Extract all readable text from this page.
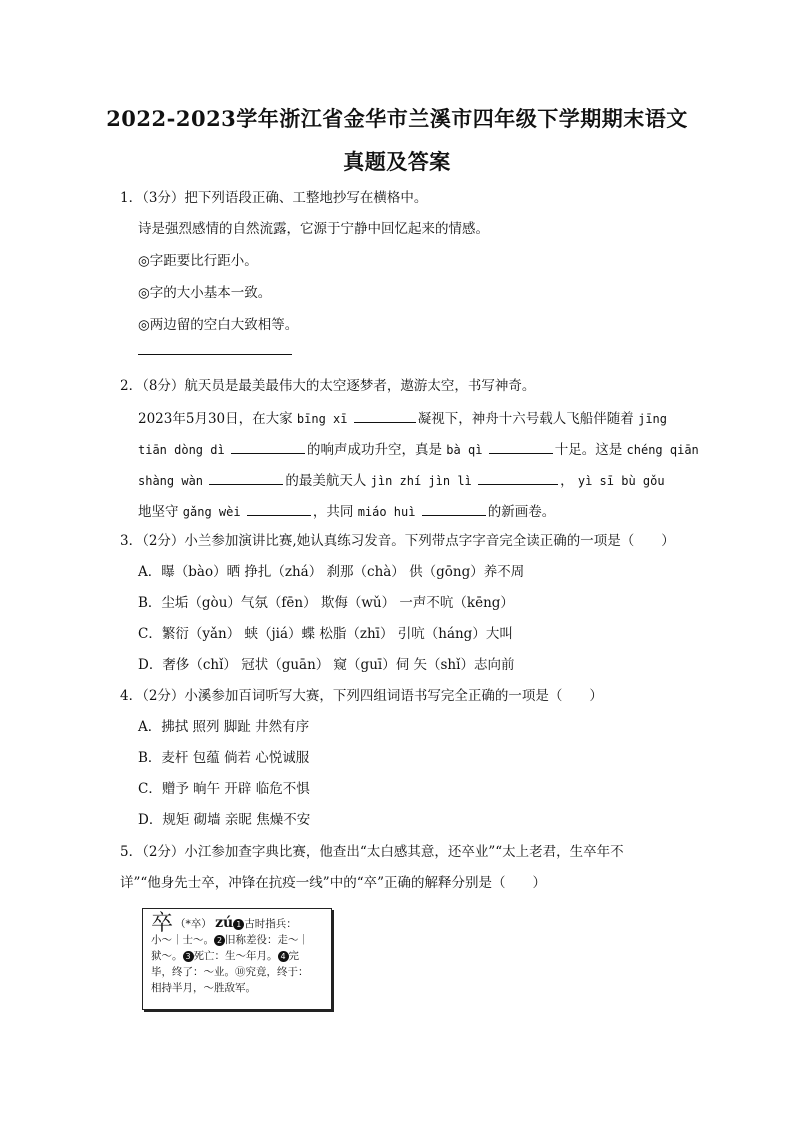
2022-2023学年浙江省金华市兰溪市四年级下学期期末语文
真题及答案
1．（3分）把下列语段正确、工整地抄写在横格中。
诗是强烈感情的自然流露，它源于宁静中回忆起来的情感。
◎字距要比行距小。
◎字的大小基本一致。
◎两边留的空白大致相等。
2．（8分）航天员是最美最伟大的太空逐梦者，遨游太空，书写神奇。
2023年5月30日，在大家 bīng xī	凝视下，神舟十六号载人飞船伴随着 jīng
tiān dòng dì	的响声成功升空，真是 bà qì	十足。这是 chéng qiān
shàng wàn	的最美航天人 jìn zhí jìn lì	， yì sī bù gǒu
地坚守 gǎng wèi	，共同 miáo huì	的新画卷。
3．（2分）小兰参加演讲比赛,她认真练习发音。下列带点字字音完全读正确的一项是（　　）
A．曝（bào）晒 挣扎（zhá） 刹那（chà） 供（gōng）养不周
B．尘垢（gòu）气氛（fēn） 欺侮（wǔ） 一声不吭（kēng）
C．繁衍（yǎn） 蛱（jiá）蝶 松脂（zhī） 引吭（háng）大叫
D．奢侈（chǐ） 冠状（guān） 窥（guī）伺 矢（shǐ）志向前
4．（2分）小溪参加百词听写大赛，下列四组词语书写完全正确的一项是（　　）
A．拂拭 照列 脚趾 井然有序
B．麦杆 包蕴 倘若 心悦诚服
C．赠予 晌午 开辟 临危不惧
D．规矩 砌墙 亲昵 焦燥不安
5．（2分）小江参加查字典比赛，他查出“太白感其意，还卒业”“太上老君，生卒年不
详”“他身先士卒，冲锋在抗疫一线”中的“卒”正确的解释分别是（　　）
卒 （*卒） zú 1 古时指兵：
小～｜士～。 2 旧称差役：走～｜
狱～。 3 死亡：生～年月。 4 完
毕，终了：～业。⑩究竟，终于：
相持半月，～胜敌军。
